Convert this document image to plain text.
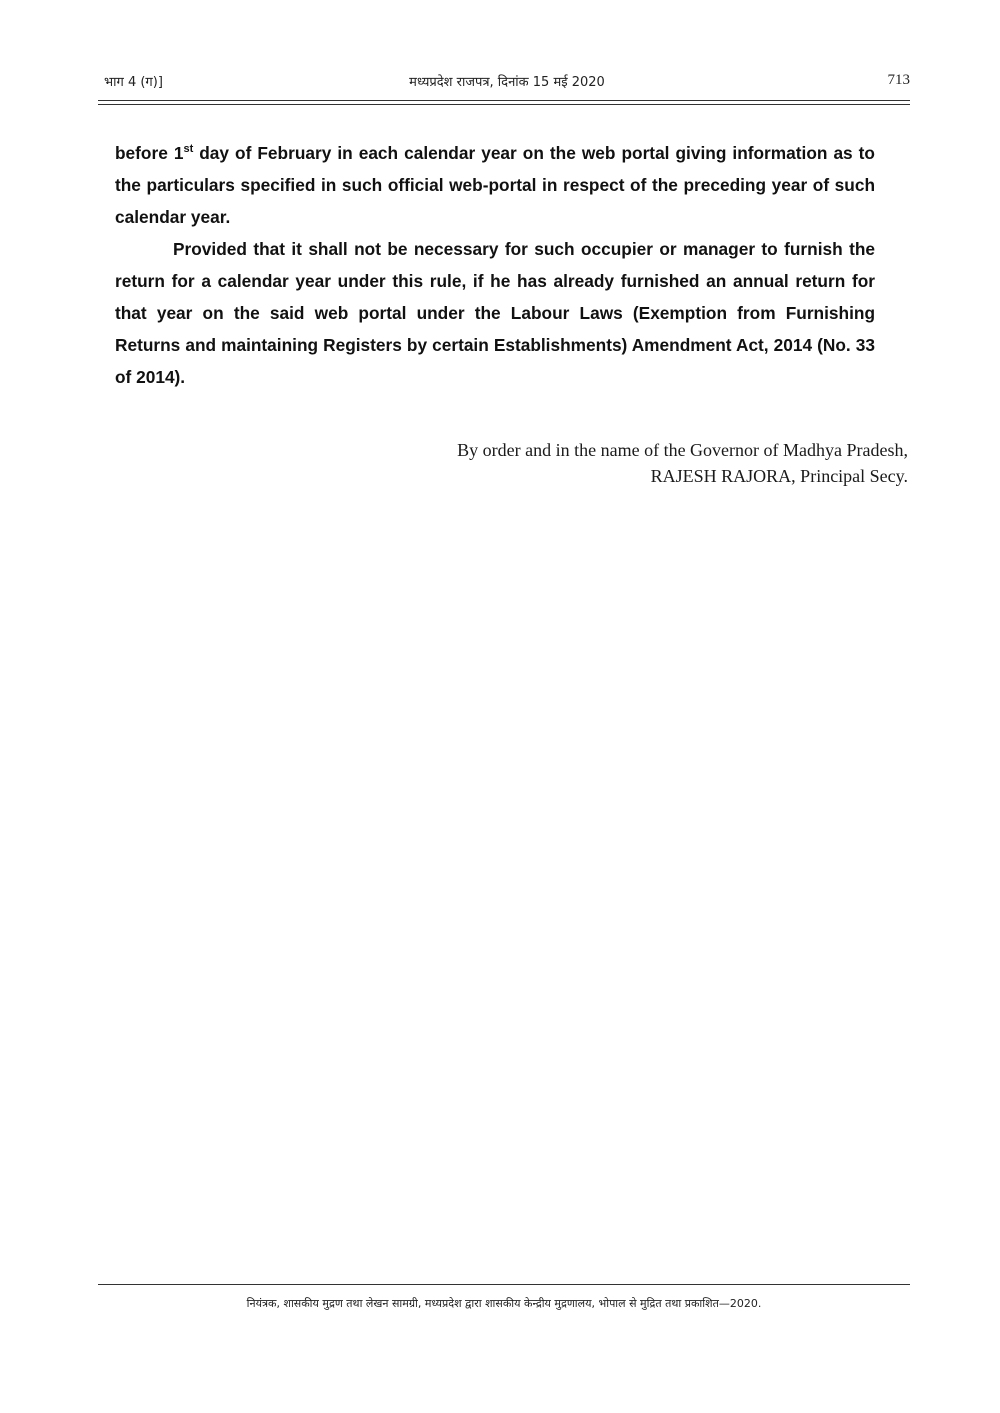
भाग 4 (ग)]	मध्यप्रदेश राजपत्र, दिनांक 15 मई 2020	713

before 1st day of February in each calendar year on the web portal giving information as to the particulars specified in such official web-portal in respect of the preceding year of such calendar year.

Provided that it shall not be necessary for such occupier or manager to furnish the return for a calendar year under this rule, if he has already furnished an annual return for that year on the said web portal under the Labour Laws (Exemption from Furnishing Returns and maintaining Registers by certain Establishments) Amendment Act, 2014 (No. 33 of 2014).

By order and in the name of the Governor of Madhya Pradesh,
RAJESH RAJORA, Principal Secy.
नियंत्रक, शासकीय मुद्रण तथा लेखन सामग्री, मध्यप्रदेश द्वारा शासकीय केन्द्रीय मुद्रणालय, भोपाल से मुद्रित तथा प्रकाशित—2020.
